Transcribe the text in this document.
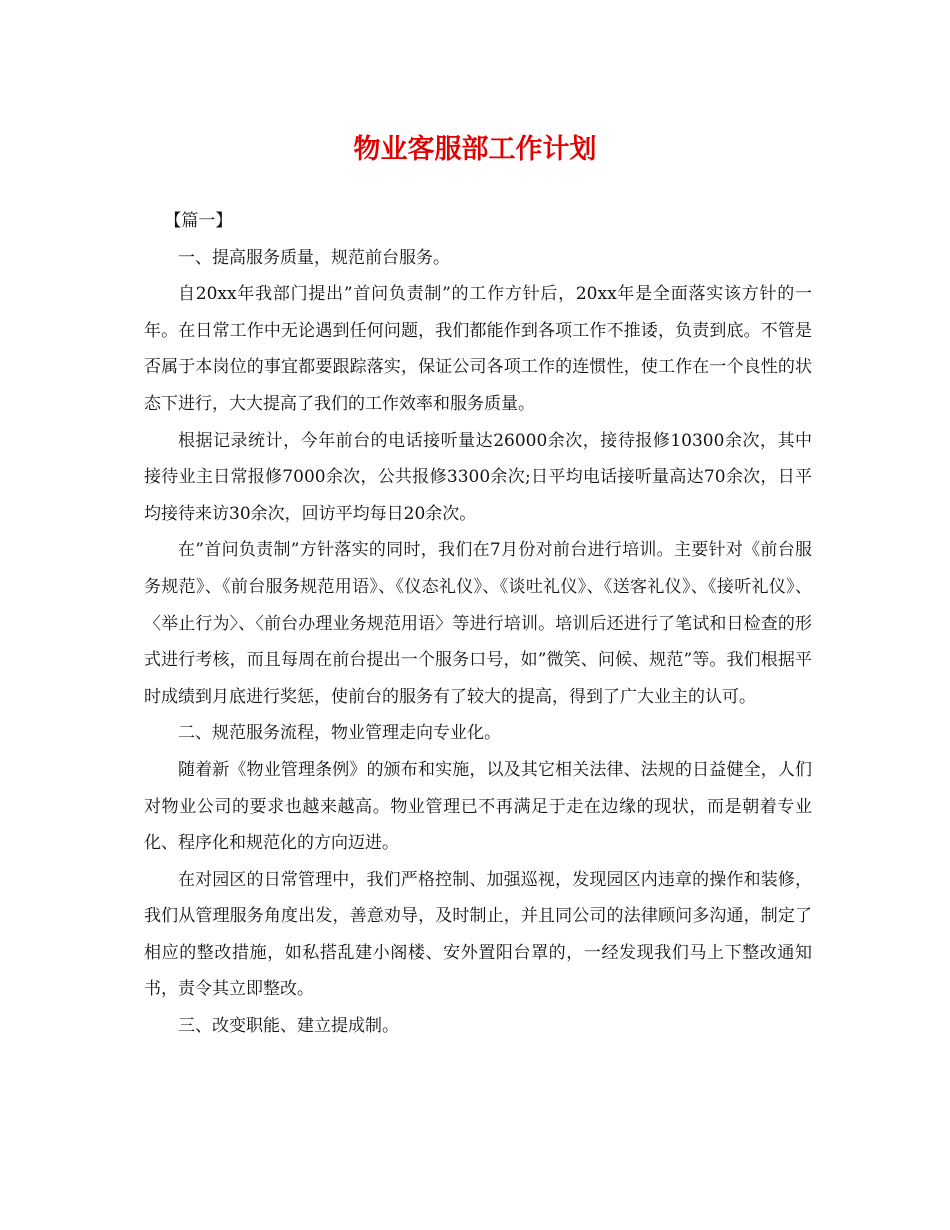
物业客服部工作计划

【篇一】

一、提高服务质量，规范前台服务。

自20xx年我部门提出”首问负责制”的工作方针后，20xx年是全面落实该方针的一年。在日常工作中无论遇到任何问题，我们都能作到各项工作不推诿，负责到底。不管是否属于本岗位的事宜都要跟踪落实，保证公司各项工作的连惯性，使工作在一个良性的状态下进行，大大提高了我们的工作效率和服务质量。

根据记录统计，今年前台的电话接听量达26000余次，接待报修10300余次，其中接待业主日常报修7000余次，公共报修3300余次;日平均电话接听量高达70余次，日平均接待来访30余次，回访平均每日20余次。

在”首问负责制”方针落实的同时，我们在7月份对前台进行培训。主要针对《前台服务规范》、《前台服务规范用语》、《仪态礼仪》、《谈吐礼仪》、《送客礼仪》、《接听礼仪》、〈举止行为〉、〈前台办理业务规范用语〉等进行培训。培训后还进行了笔试和日检查的形式进行考核，而且每周在前台提出一个服务口号，如”微笑、问候、规范”等。我们根据平时成绩到月底进行奖惩，使前台的服务有了较大的提高，得到了广大业主的认可。

二、规范服务流程，物业管理走向专业化。

随着新《物业管理条例》的颁布和实施，以及其它相关法律、法规的日益健全，人们对物业公司的要求也越来越高。物业管理已不再满足于走在边缘的现状，而是朝着专业化、程序化和规范化的方向迈进。

在对园区的日常管理中，我们严格控制、加强巡视，发现园区内违章的操作和装修，我们从管理服务角度出发，善意劝导，及时制止，并且同公司的法律顾问多沟通，制定了相应的整改措施，如私搭乱建小阁楼、安外置阳台罩的，一经发现我们马上下整改通知书，责令其立即整改。

三、改变职能、建立提成制。
